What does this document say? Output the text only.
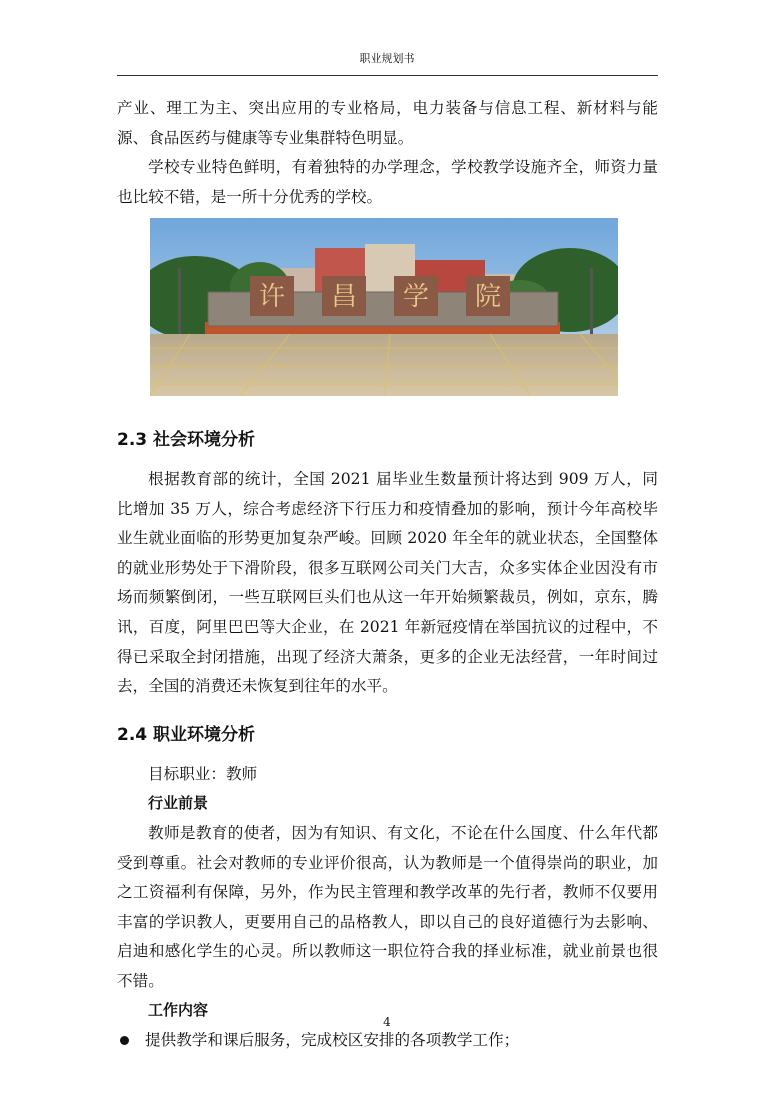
职业规划书

产业、理工为主、突出应用的专业格局，电力装备与信息工程、新材料与能源、食品医药与健康等专业集群特色明显。

学校专业特色鲜明，有着独特的办学理念，学校教学设施齐全，师资力量也比较不错，是一所十分优秀的学校。

许 昌 学 院
2.3 社会环境分析

根据教育部的统计，全国 2021 届毕业生数量预计将达到 909 万人，同比增加 35 万人，综合考虑经济下行压力和疫情叠加的影响，预计今年高校毕业生就业面临的形势更加复杂严峻。回顾 2020 年全年的就业状态，全国整体的就业形势处于下滑阶段，很多互联网公司关门大吉，众多实体企业因没有市场而频繁倒闭，一些互联网巨头们也从这一年开始频繁裁员，例如，京东，腾讯，百度，阿里巴巴等大企业，在 2021 年新冠疫情在举国抗议的过程中，不得已采取全封闭措施，出现了经济大萧条，更多的企业无法经营，一年时间过去，全国的消费还未恢复到往年的水平。

2.4 职业环境分析

目标职业：教师

行业前景

教师是教育的使者，因为有知识、有文化，不论在什么国度、什么年代都受到尊重。社会对教师的专业评价很高，认为教师是一个值得崇尚的职业，加之工资福利有保障，另外，作为民主管理和教学改革的先行者，教师不仅要用丰富的学识教人，更要用自己的品格教人，即以自己的良好道德行为去影响、启迪和感化学生的心灵。所以教师这一职位符合我的择业标准，就业前景也很不错。

工作内容

提供教学和课后服务，完成校区安排的各项教学工作；
4
